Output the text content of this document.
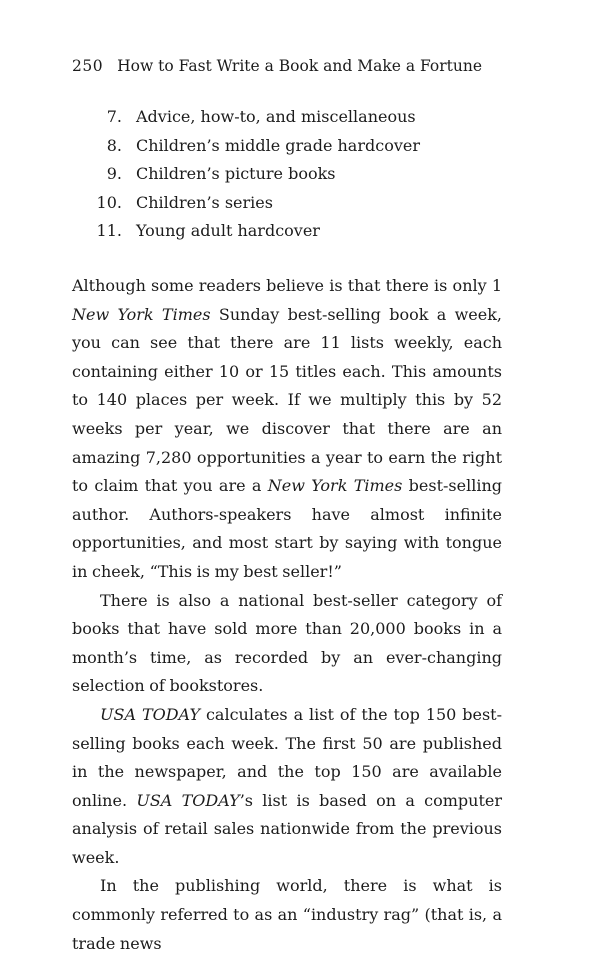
250 How to Fast Write a Book and Make a Fortune
7. Advice, how-to, and miscellaneous
8. Children’s middle grade hardcover
9. Children’s picture books
10. Children’s series
11. Young adult hardcover

Although some readers believe is that there is only 1 New York Times Sunday best-selling book a week, you can see that there are 11 lists weekly, each containing either 10 or 15 titles each. This amounts to 140 places per week. If we multiply this by 52 weeks per year, we discover that there are an amazing 7,280 opportunities a year to earn the right to claim that you are a New York Times best-selling author. Authors-speakers have almost infinite opportunities, and most start by saying with tongue in cheek, “This is my best seller!”

There is also a national best-seller category of books that have sold more than 20,000 books in a month’s time, as recorded by an ever-changing selection of bookstores.

USA TODAY calculates a list of the top 150 best-selling books each week. The first 50 are published in the newspaper, and the top 150 are available online. USA TODAY’s list is based on a computer analysis of retail sales nationwide from the previous week.

In the publishing world, there is what is commonly referred to as an “industry rag” (that is, a trade news
